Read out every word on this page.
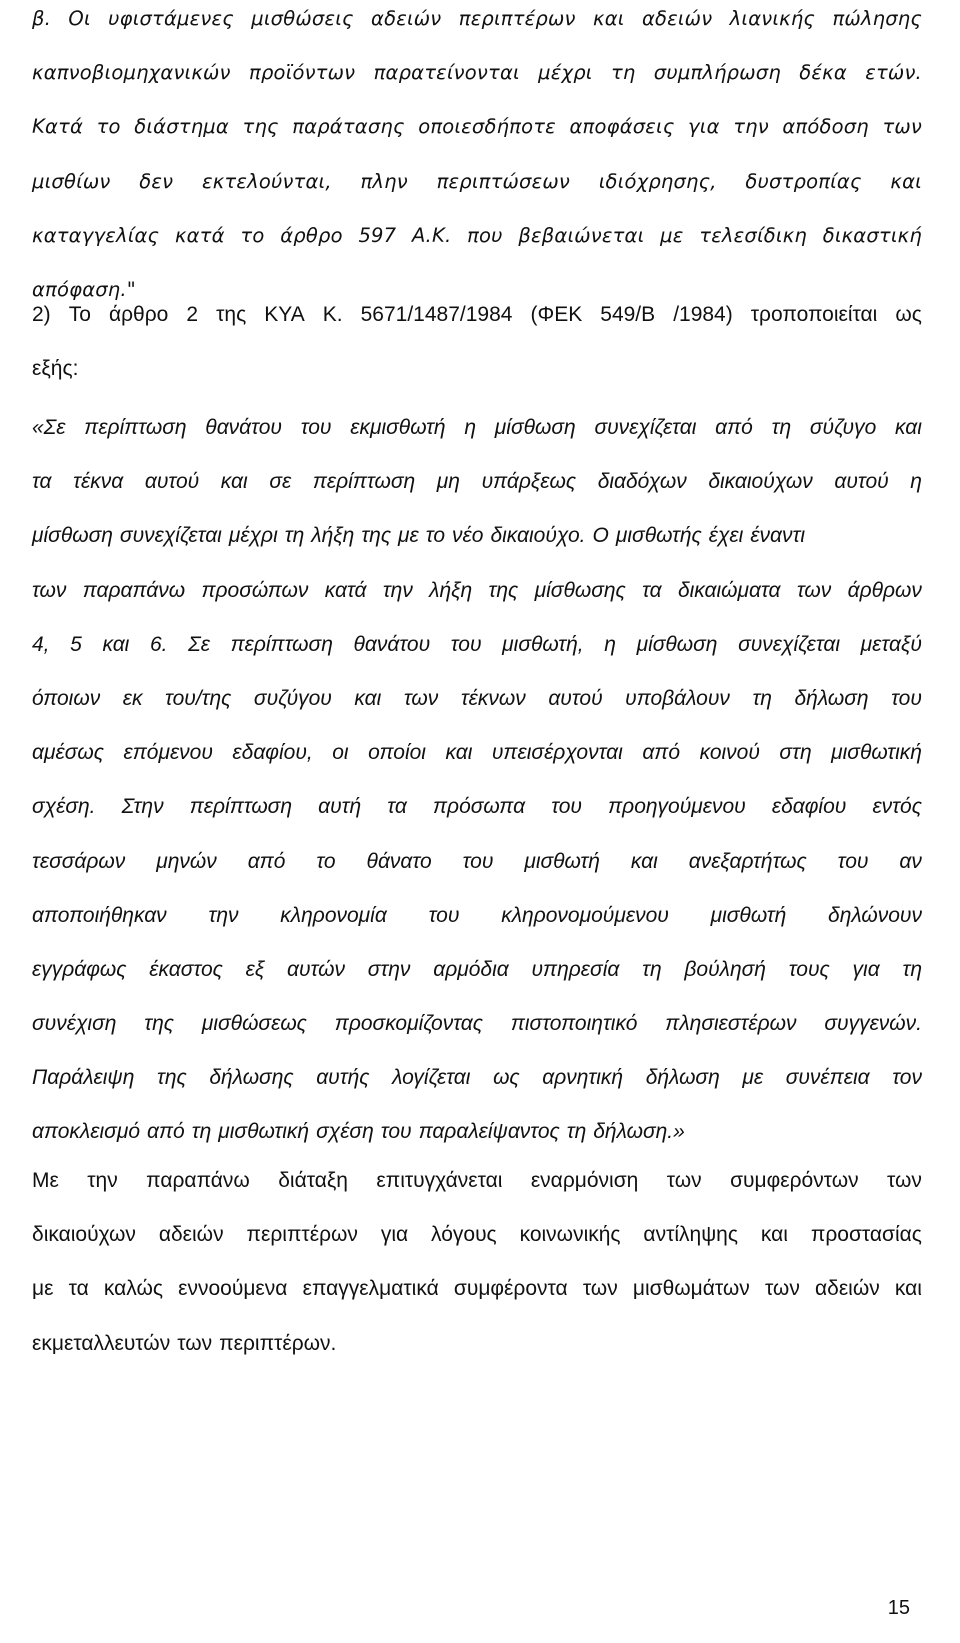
β. Οι υφιστάμενες μισθώσεις αδειών περιπτέρων και αδειών λιανικής πώλησης
καπνοβιομηχανικών προϊόντων παρατείνονται μέχρι τη συμπλήρωση δέκα ετών.
Κατά το διάστημα της παράτασης οποιεσδήποτε αποφάσεις για την απόδοση των
μισθίων δεν εκτελούνται, πλην περιπτώσεων ιδιόχρησης, δυστροπίας και
καταγγελίας κατά το άρθρο 597 Α.Κ. που βεβαιώνεται με τελεσίδικη δικαστική
απόφαση."
2) Το άρθρο 2 της ΚΥΑ Κ. 5671/1487/1984 (ΦΕΚ 549/Β /1984) τροποποιείται ως
εξής:
«Σε περίπτωση θανάτου του εκμισθωτή η μίσθωση συνεχίζεται από τη σύζυγο και
τα τέκνα αυτού και σε περίπτωση μη υπάρξεως διαδόχων δικαιούχων αυτού η
μίσθωση συνεχίζεται μέχρι τη λήξη της με το νέο δικαιούχο. Ο μισθωτής έχει έναντι
των παραπάνω προσώπων κατά την λήξη της μίσθωσης τα δικαιώματα των άρθρων
4, 5 και 6. Σε περίπτωση θανάτου του μισθωτή, η μίσθωση συνεχίζεται μεταξύ
όποιων εκ του/της συζύγου και των τέκνων αυτού υποβάλουν τη δήλωση του
αμέσως επόμενου εδαφίου, οι οποίοι και υπεισέρχονται από κοινού στη μισθωτική
σχέση. Στην περίπτωση αυτή τα πρόσωπα του προηγούμενου εδαφίου εντός
τεσσάρων μηνών από το θάνατο του μισθωτή και ανεξαρτήτως του αν
αποποιήθηκαν την κληρονομία του κληρονομούμενου μισθωτή δηλώνουν
εγγράφως έκαστος εξ αυτών στην αρμόδια υπηρεσία τη βούλησή τους για τη
συνέχιση της μισθώσεως προσκομίζοντας πιστοποιητικό πλησιεστέρων συγγενών.
Παράλειψη της δήλωσης αυτής λογίζεται ως αρνητική δήλωση με συνέπεια τον
αποκλεισμό από τη μισθωτική σχέση του παραλείψαντος τη δήλωση.»
Με την παραπάνω διάταξη επιτυγχάνεται εναρμόνιση των συμφερόντων των
δικαιούχων αδειών περιπτέρων για λόγους κοινωνικής αντίληψης και προστασίας
με τα καλώς εννοούμενα επαγγελματικά συμφέροντα των μισθωμάτων των αδειών και
εκμεταλλευτών των περιπτέρων.
15
